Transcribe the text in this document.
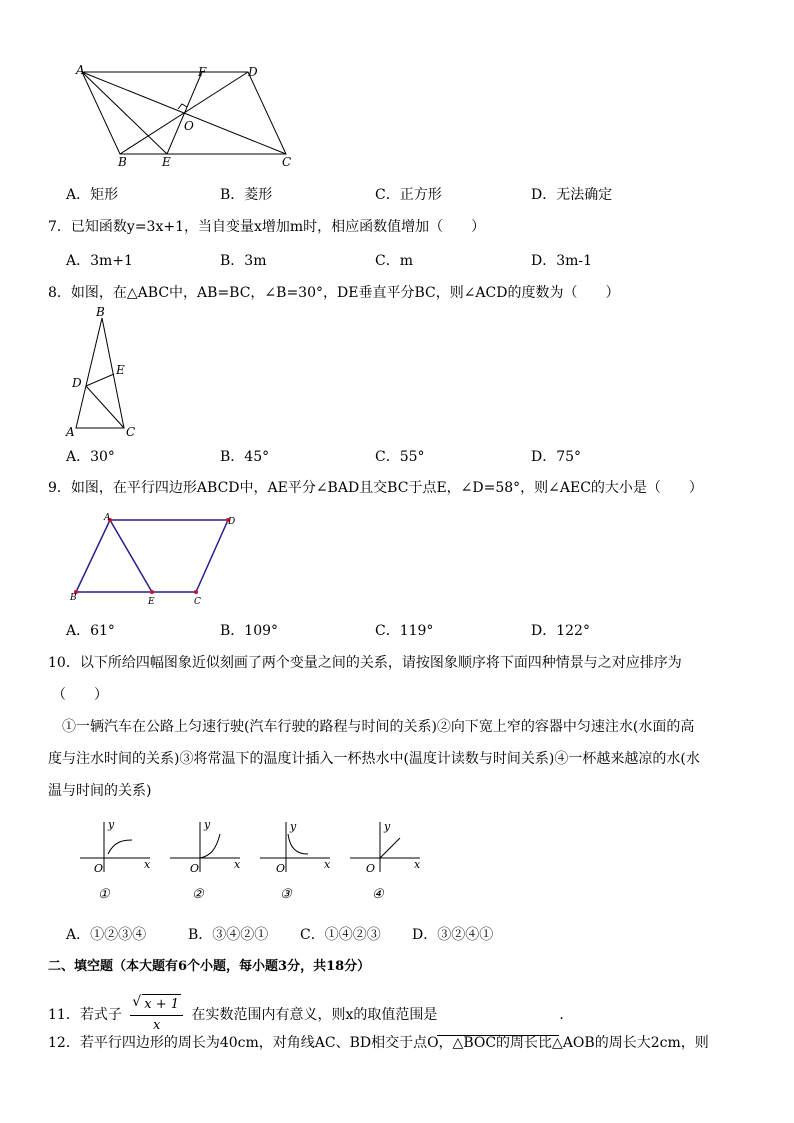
A	F	D
O
B	E	C
A．矩形	B．菱形	C．正方形	D．无法确定
7．已知函数y=3x+1，当自变量x增加m时，相应函数值增加（　　）
A．3m+1	B．3m	C．m	D．3m-1
8．如图，在△ABC中，AB=BC，∠B=30°，DE垂直平分BC，则∠ACD的度数为（　　）
B
E
D
A	C
A．30°	B．45°	C．55°	D．75°
9．如图，在平行四边形ABCD中，AE平分∠BAD且交BC于点E，∠D=58°，则∠AEC的大小是（　　）
A	D
B	E	C
A．61°	B．109°	C．119°	D．122°
10．以下所给四幅图象近似刻画了两个变量之间的关系，请按图象顺序将下面四种情景与之对应排序为
（　　）
①一辆汽车在公路上匀速行驶(汽车行驶的路程与时间的关系)②向下宽上窄的容器中匀速注水(水面的高
度与注水时间的关系)③将常温下的温度计插入一杯热水中(温度计读数与时间关系)④一杯越来越凉的水(水
温与时间的关系)
y
x
O
①
y
x
O
②
y
x
O
③
y
x
O
④
A．①②③④	B．③④②① C．①④②③ D．③②④①
二、填空题（本大题有6个小题，每小题3分，共18分）
11．若式子
√ $\frac{x + 1}{x}$ 在实数范围内有意义，则x的取值范围是	．
12．若平行四边形的周长为40cm，对角线AC、BD相交于点O，△BOC的周长比△AOB的周长大2cm，则
